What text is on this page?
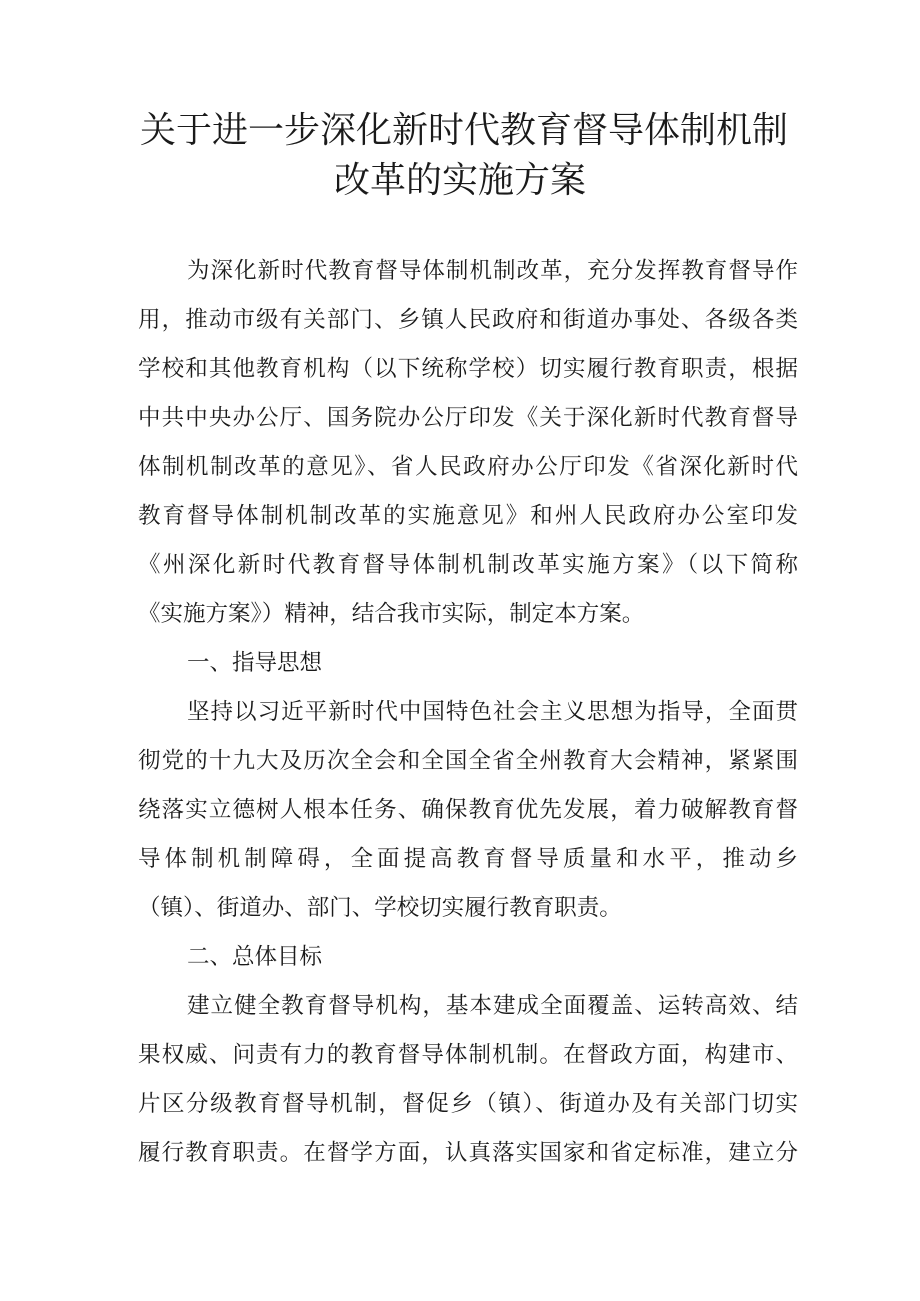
关于进一步深化新时代教育督导体制机制
改革的实施方案
为深化新时代教育督导体制机制改革，充分发挥教育督导作
用，推动市级有关部门、乡镇人民政府和街道办事处、各级各类
学校和其他教育机构（以下统称学校）切实履行教育职责，根据
中共中央办公厅、国务院办公厅印发《关于深化新时代教育督导
体制机制改革的意见》、省人民政府办公厅印发《省深化新时代
教育督导体制机制改革的实施意见》和州人民政府办公室印发
《州深化新时代教育督导体制机制改革实施方案》（以下简称
《实施方案》）精神，结合我市实际，制定本方案。
一、指导思想
坚持以习近平新时代中国特色社会主义思想为指导，全面贯
彻党的十九大及历次全会和全国全省全州教育大会精神，紧紧围
绕落实立德树人根本任务、确保教育优先发展，着力破解教育督
导体制机制障碍，全面提高教育督导质量和水平，推动乡
（镇）、街道办、部门、学校切实履行教育职责。
二、总体目标
建立健全教育督导机构，基本建成全面覆盖、运转高效、结
果权威、问责有力的教育督导体制机制。在督政方面，构建市、
片区分级教育督导机制，督促乡（镇）、街道办及有关部门切实
履行教育职责。在督学方面，认真落实国家和省定标准，建立分
